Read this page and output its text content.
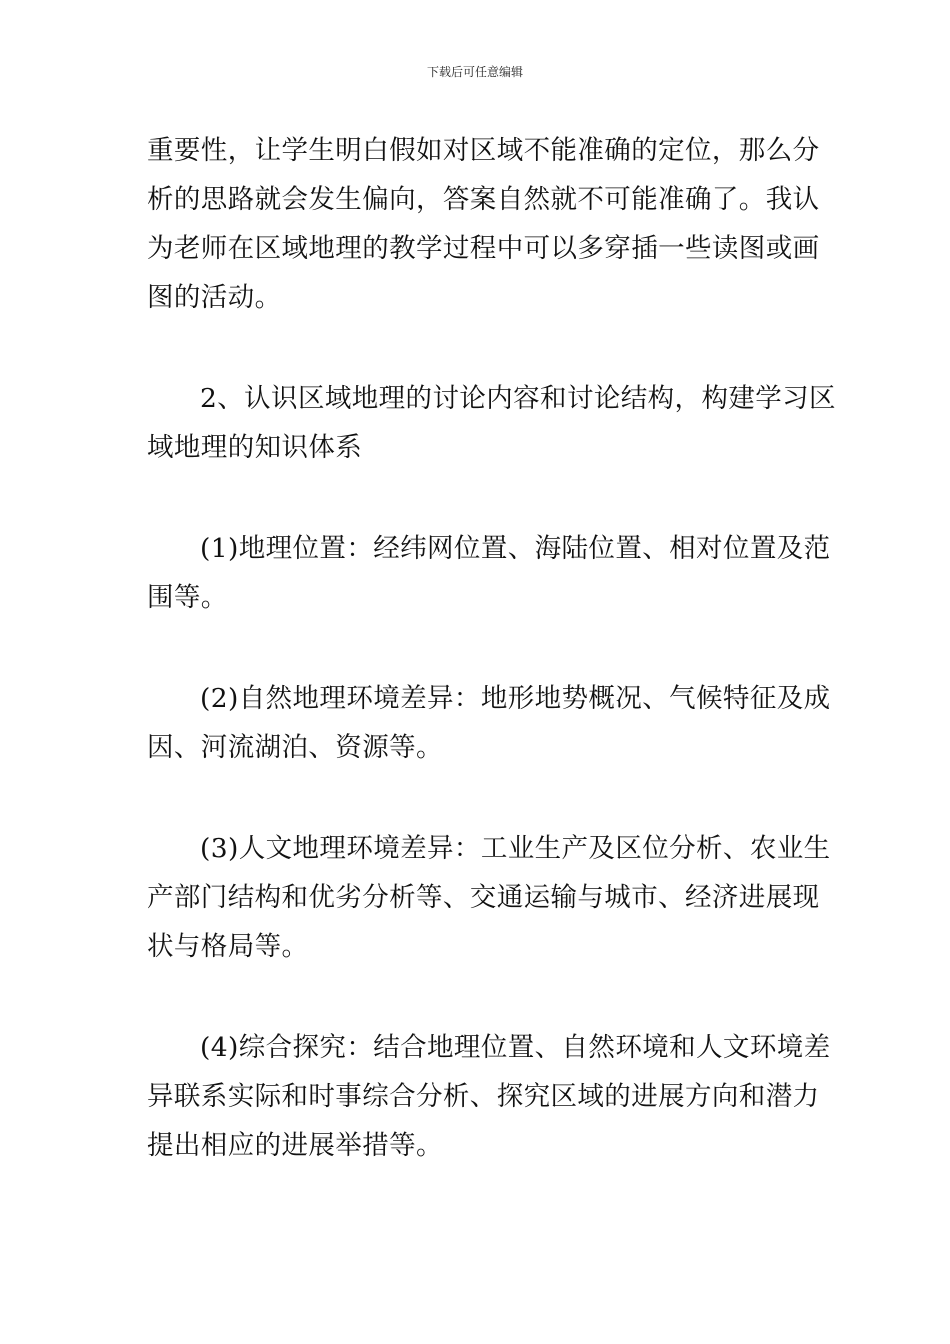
下载后可任意编辑

重要性，让学生明白假如对区域不能准确的定位，那么分
析的思路就会发生偏向，答案自然就不可能准确了。我认
为老师在区域地理的教学过程中可以多穿插一些读图或画
图的活动。

2、认识区域地理的讨论内容和讨论结构，构建学习区
域地理的知识体系

(1)地理位置：经纬网位置、海陆位置、相对位置及范
围等。

(2)自然地理环境差异：地形地势概况、气候特征及成
因、河流湖泊、资源等。

(3)人文地理环境差异：工业生产及区位分析、农业生
产部门结构和优劣分析等、交通运输与城市、经济进展现
状与格局等。

(4)综合探究：结合地理位置、自然环境和人文环境差
异联系实际和时事综合分析、探究区域的进展方向和潜力
提出相应的进展举措等。
